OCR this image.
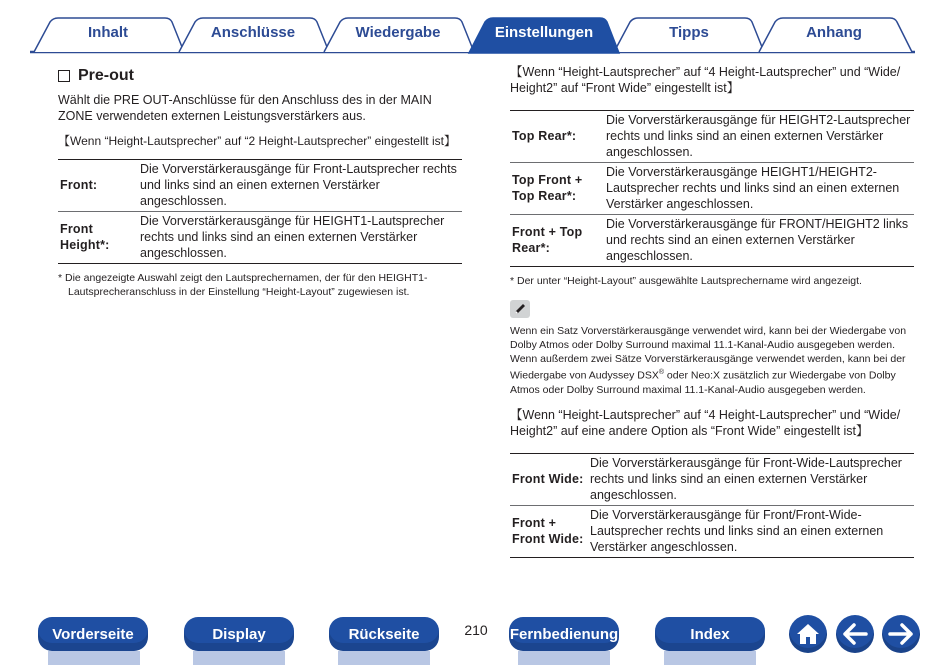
Inhalt	Anschlüsse	Wiedergabe	Einstellungen	Tipps	Anhang
Pre-out

Wählt die PRE OUT-Anschlüsse für den Anschluss des in der MAIN ZONE verwendeten externen Leistungsverstärkers aus.

【Wenn “Height-Lautsprecher” auf “2 Height-Lautsprecher” eingestellt ist】

Front:	Die Vorverstärkerausgänge für Front-Lautsprecher rechts und links sind an einen externen Verstärker angeschlossen.
Front Height*:	Die Vorverstärkerausgänge für HEIGHT1-Lautsprecher rechts und links sind an einen externen Verstärker angeschlossen.
* Die angezeigte Auswahl zeigt den Lautsprechernamen, der für den HEIGHT1-Lautsprecheranschluss in der Einstellung “Height-Layout” zugewiesen ist.

【Wenn “Height-Lautsprecher” auf “4 Height-Lautsprecher” und “Wide/ Height2” auf “Front Wide” eingestellt ist】

Top Rear*:	Die Vorverstärkerausgänge für HEIGHT2-Lautsprecher rechts und links sind an einen externen Verstärker angeschlossen.
Top Front + Top Rear*:	Die Vorverstärkerausgänge HEIGHT1/HEIGHT2-Lautsprecher rechts und links sind an einen externen Verstärker angeschlossen.
Front + Top Rear*:	Die Vorverstärkerausgänge für FRONT/HEIGHT2 links und rechts sind an einen externen Verstärker angeschlossen.
* Der unter “Height-Layout” ausgewählte Lautsprechername wird angezeigt.

Wenn ein Satz Vorverstärkerausgänge verwendet wird, kann bei der Wiedergabe von Dolby Atmos oder Dolby Surround maximal 11.1-Kanal-Audio ausgegeben werden. Wenn außerdem zwei Sätze Vorverstärkerausgänge verwendet werden, kann bei der Wiedergabe von Audyssey DSX® oder Neo:X zusätzlich zur Wiedergabe von Dolby Atmos oder Dolby Surround maximal 11.1-Kanal-Audio ausgegeben werden.

【Wenn “Height-Lautsprecher” auf “4 Height-Lautsprecher” und “Wide/ Height2” auf eine andere Option als “Front Wide” eingestellt ist】

Front Wide:	Die Vorverstärkerausgänge für Front-Wide-Lautsprecher rechts und links sind an einen externen Verstärker angeschlossen.
Front + Front Wide:	Die Vorverstärkerausgänge für Front/Front-Wide-Lautsprecher rechts und links sind an einen externen Verstärker angeschlossen.
Vorderseite	Display	Rückseite	210	Fernbedienung	Index
